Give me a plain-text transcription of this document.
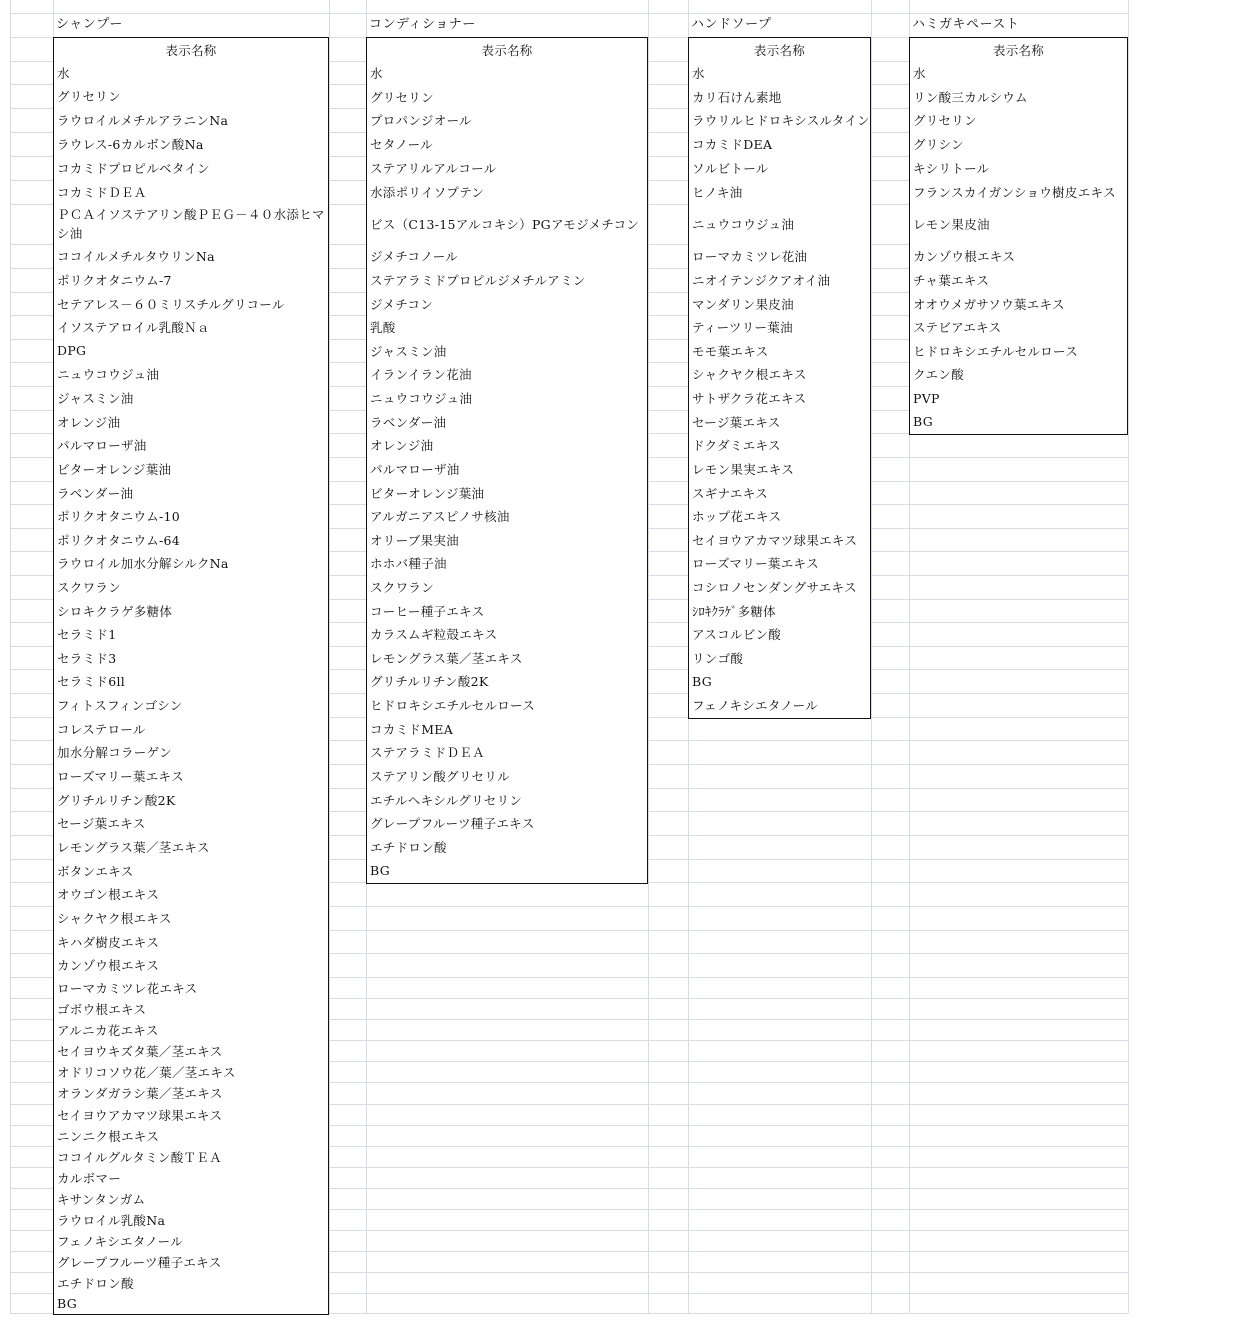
シャンプー
表示名称
水
グリセリン
ラウロイルメチルアラニンNa
ラウレス-6カルボン酸Na
コカミドプロピルベタイン
コカミドＤＥＡ
ＰＣＡイソステアリン酸ＰＥＧ－４０水添ヒマシ油
ココイルメチルタウリンNa
ポリクオタニウム-7
セテアレス－６０ミリスチルグリコール
イソステアロイル乳酸Ｎａ
DPG
ニュウコウジュ油
ジャスミン油
オレンジ油
パルマローザ油
ビターオレンジ葉油
ラベンダー油
ポリクオタニウム-10
ポリクオタニウム-64
ラウロイル加水分解シルクNa
スクワラン
シロキクラゲ多糖体
セラミド1
セラミド3
セラミド6ll
フィトスフィンゴシン
コレステロール
加水分解コラーゲン
ローズマリー葉エキス
グリチルリチン酸2K
セージ葉エキス
レモングラス葉／茎エキス
ボタンエキス
オウゴン根エキス
シャクヤク根エキス
キハダ樹皮エキス
カンゾウ根エキス
ローマカミツレ花エキス
ゴボウ根エキス
アルニカ花エキス
セイヨウキズタ葉／茎エキス
オドリコソウ花／葉／茎エキス
オランダガラシ葉／茎エキス
セイヨウアカマツ球果エキス
ニンニク根エキス
ココイルグルタミン酸ＴＥＡ
カルボマー
キサンタンガム
ラウロイル乳酸Na
フェノキシエタノール
グレープフルーツ種子エキス
エチドロン酸
BG
コンディショナー
表示名称
水
グリセリン
プロパンジオール
セタノール
ステアリルアルコール
水添ポリイソプテン
ビス（C13-15アルコキシ）PGアモジメチコン
ジメチコノール
ステアラミドプロピルジメチルアミン
ジメチコン
乳酸
ジャスミン油
イランイラン花油
ニュウコウジュ油
ラベンダー油
オレンジ油
パルマローザ油
ビターオレンジ葉油
アルガニアスピノサ核油
オリーブ果実油
ホホバ種子油
スクワラン
コーヒー種子エキス
カラスムギ粒殻エキス
レモングラス葉／茎エキス
グリチルリチン酸2K
ヒドロキシエチルセルロース
コカミドMEA
ステアラミドＤＥＡ
ステアリン酸グリセリル
エチルヘキシルグリセリン
グレープフルーツ種子エキス
エチドロン酸
BG
ハンドソープ
表示名称
水
カリ石けん素地
ラウリルヒドロキシスルタイン
コカミドDEA
ソルビトール
ヒノキ油
ニュウコウジュ油
ローマカミツレ花油
ニオイテンジクアオイ油
マンダリン果皮油
ティーツリー葉油
モモ葉エキス
シャクヤク根エキス
サトザクラ花エキス
セージ葉エキス
ドクダミエキス
レモン果実エキス
スギナエキス
ホップ花エキス
セイヨウアカマツ球果エキス
ローズマリー葉エキス
コシロノセンダングサエキス
ｼﾛｷｸﾗｹﾞ多糖体
アスコルビン酸
リンゴ酸
BG
フェノキシエタノール
ハミガキペースト
表示名称
水
リン酸三カルシウム
グリセリン
グリシン
キシリトール
フランスカイガンショウ樹皮エキス
レモン果皮油
カンゾウ根エキス
チャ葉エキス
オオウメガサソウ葉エキス
ステビアエキス
ヒドロキシエチルセルロース
クエン酸
PVP
BG
